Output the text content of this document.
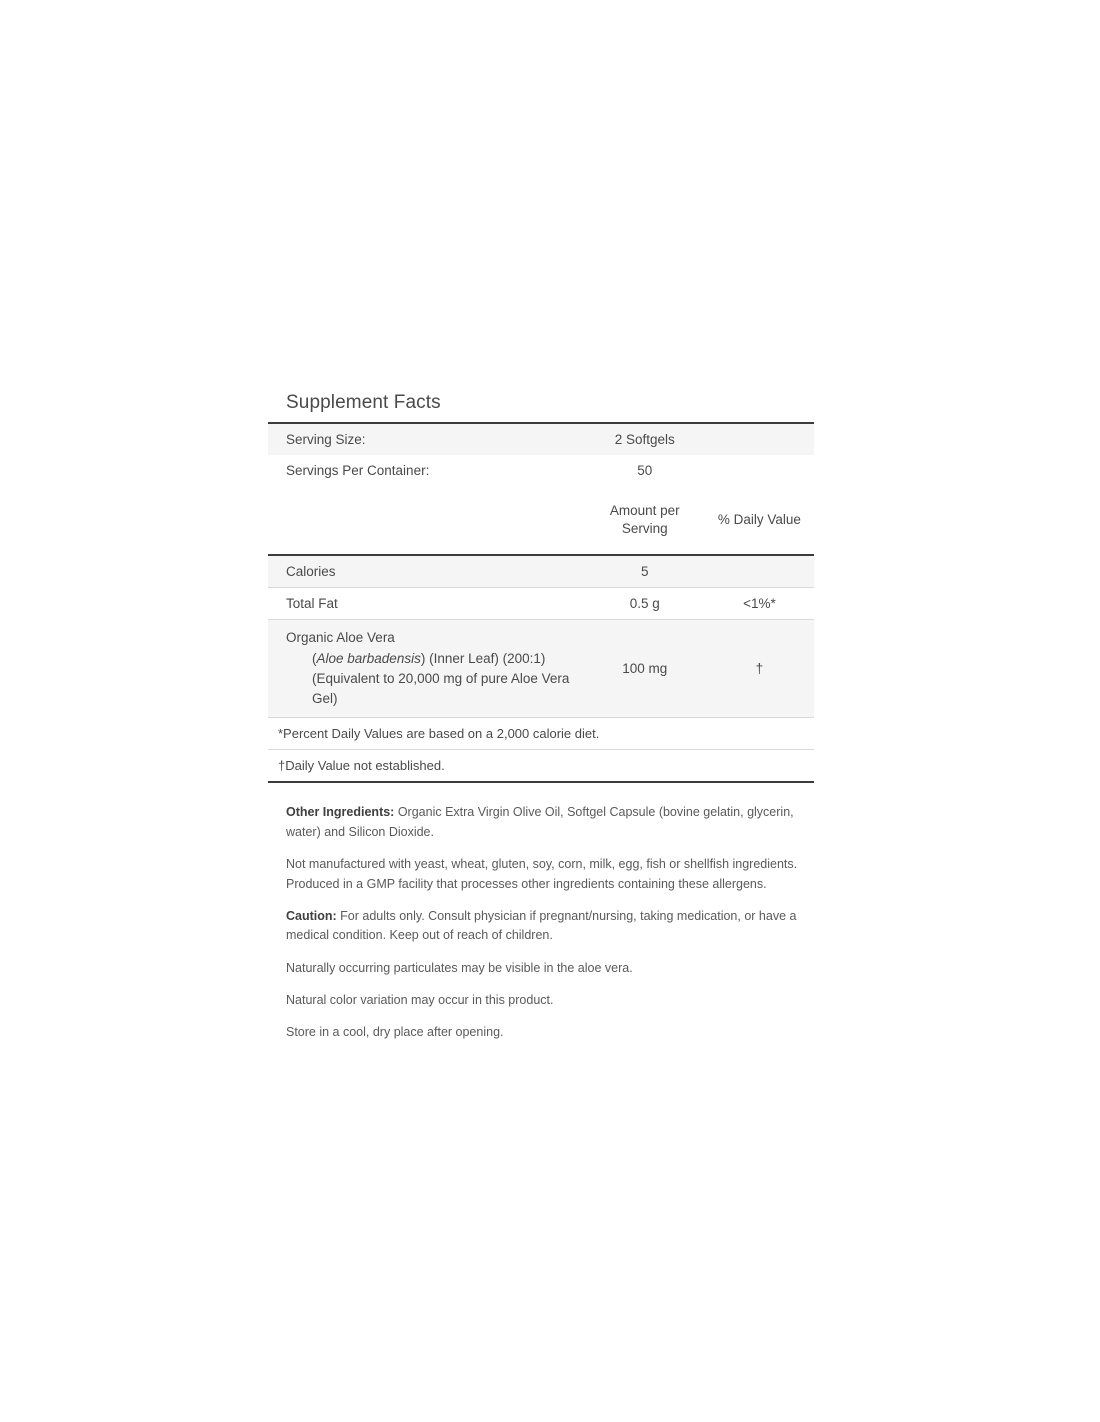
Supplement Facts
Serving Size:	2 Softgels	
Servings Per Container:	50	
	Amount per Serving	% Daily Value
Calories	5	
Total Fat	0.5 g	<1%*
Organic Aloe Vera
(Aloe barbadensis) (Inner Leaf) (200:1)
(Equivalent to 20,000 mg of pure Aloe Vera Gel)	100 mg	†
*Percent Daily Values are based on a 2,000 calorie diet.		
†Daily Value not established.		

Other Ingredients: Organic Extra Virgin Olive Oil, Softgel Capsule (bovine gelatin, glycerin, water) and Silicon Dioxide.

Not manufactured with yeast, wheat, gluten, soy, corn, milk, egg, fish or shellfish ingredients. Produced in a GMP facility that processes other ingredients containing these allergens.

Caution: For adults only. Consult physician if pregnant/nursing, taking medication, or have a medical condition. Keep out of reach of children.

Naturally occurring particulates may be visible in the aloe vera.

Natural color variation may occur in this product.

Store in a cool, dry place after opening.
